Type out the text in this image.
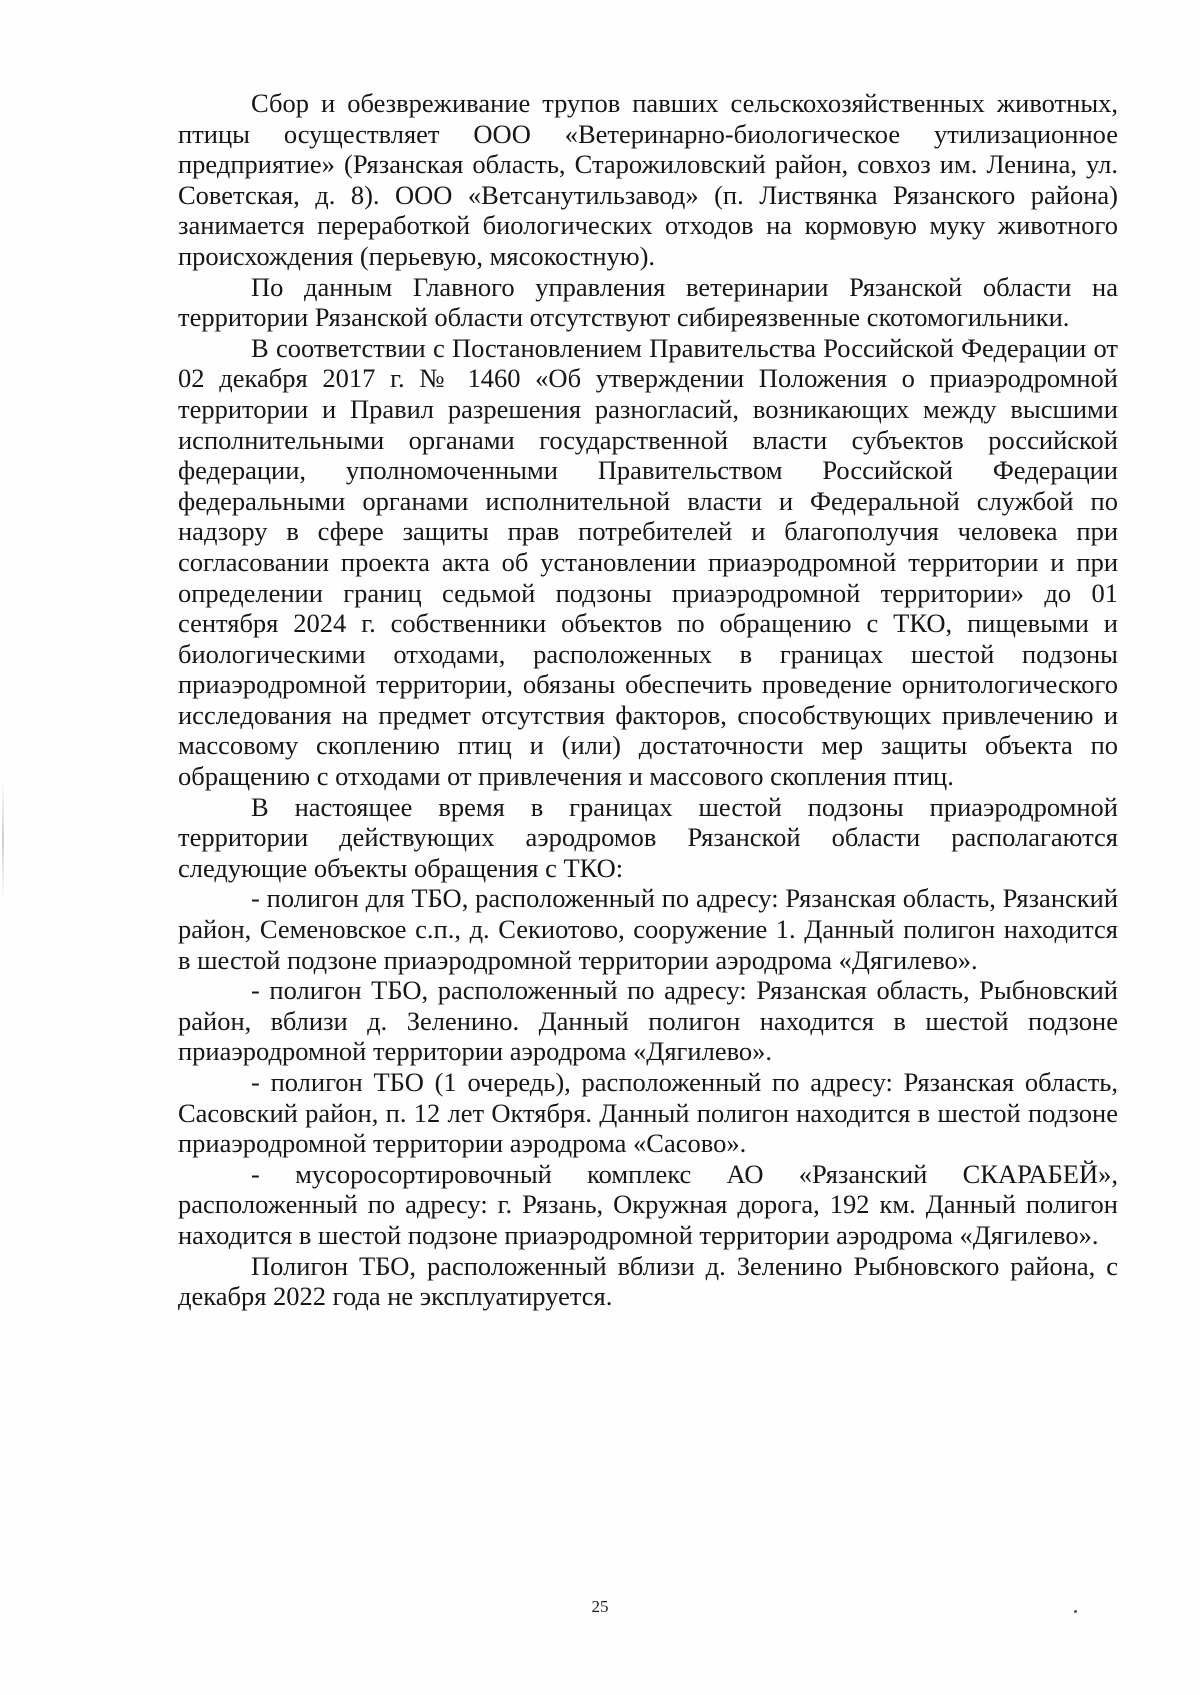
Сбор и обезвреживание трупов павших сельскохозяйственных животных, птицы осуществляет ООО «Ветеринарно-биологическое утилизационное предприятие» (Рязанская область, Старожиловский район, совхоз им. Ленина, ул. Советская, д. 8). ООО «Ветсанутильзавод» (п. Листвянка Рязанского района) занимается переработкой биологических отходов на кормовую муку животного происхождения (перьевую, мясокостную).

По данным Главного управления ветеринарии Рязанской области на территории Рязанской области отсутствуют сибиреязвенные скотомогильники.

В соответствии с Постановлением Правительства Российской Федерации от 02 декабря 2017 г. № 1460 «Об утверждении Положения о приаэродромной территории и Правил разрешения разногласий, возникающих между высшими исполнительными органами государственной власти субъектов российской федерации, уполномоченными Правительством Российской Федерации федеральными органами исполнительной власти и Федеральной службой по надзору в сфере защиты прав потребителей и благополучия человека при согласовании проекта акта об установлении приаэродромной территории и при определении границ седьмой подзоны приаэродромной территории» до 01 сентября 2024 г. собственники объектов по обращению с ТКО, пищевыми и биологическими отходами, расположенных в границах шестой подзоны приаэродромной территории, обязаны обеспечить проведение орнитологического исследования на предмет отсутствия факторов, способствующих привлечению и массовому скоплению птиц и (или) достаточности мер защиты объекта по обращению с отходами от привлечения и массового скопления птиц.

В настоящее время в границах шестой подзоны приаэродромной территории действующих аэродромов Рязанской области располагаются следующие объекты обращения с ТКО:

- полигон для ТБО, расположенный по адресу: Рязанская область, Рязанский район, Семеновское с.п., д. Секиотово, сооружение 1. Данный полигон находится в шестой подзоне приаэродромной территории аэродрома «Дягилево».

- полигон ТБО, расположенный по адресу: Рязанская область, Рыбновский район, вблизи д. Зеленино. Данный полигон находится в шестой подзоне приаэродромной территории аэродрома «Дягилево».

- полигон ТБО (1 очередь), расположенный по адресу: Рязанская область, Сасовский район, п. 12 лет Октября. Данный полигон находится в шестой подзоне приаэродромной территории аэродрома «Сасово».

- мусоросортировочный комплекс АО «Рязанский СКАРАБЕЙ», расположенный по адресу: г. Рязань, Окружная дорога, 192 км. Данный полигон находится в шестой подзоне приаэродромной территории аэродрома «Дягилево».

Полигон ТБО, расположенный вблизи д. Зеленино Рыбновского района, с декабря 2022 года не эксплуатируется.

25
